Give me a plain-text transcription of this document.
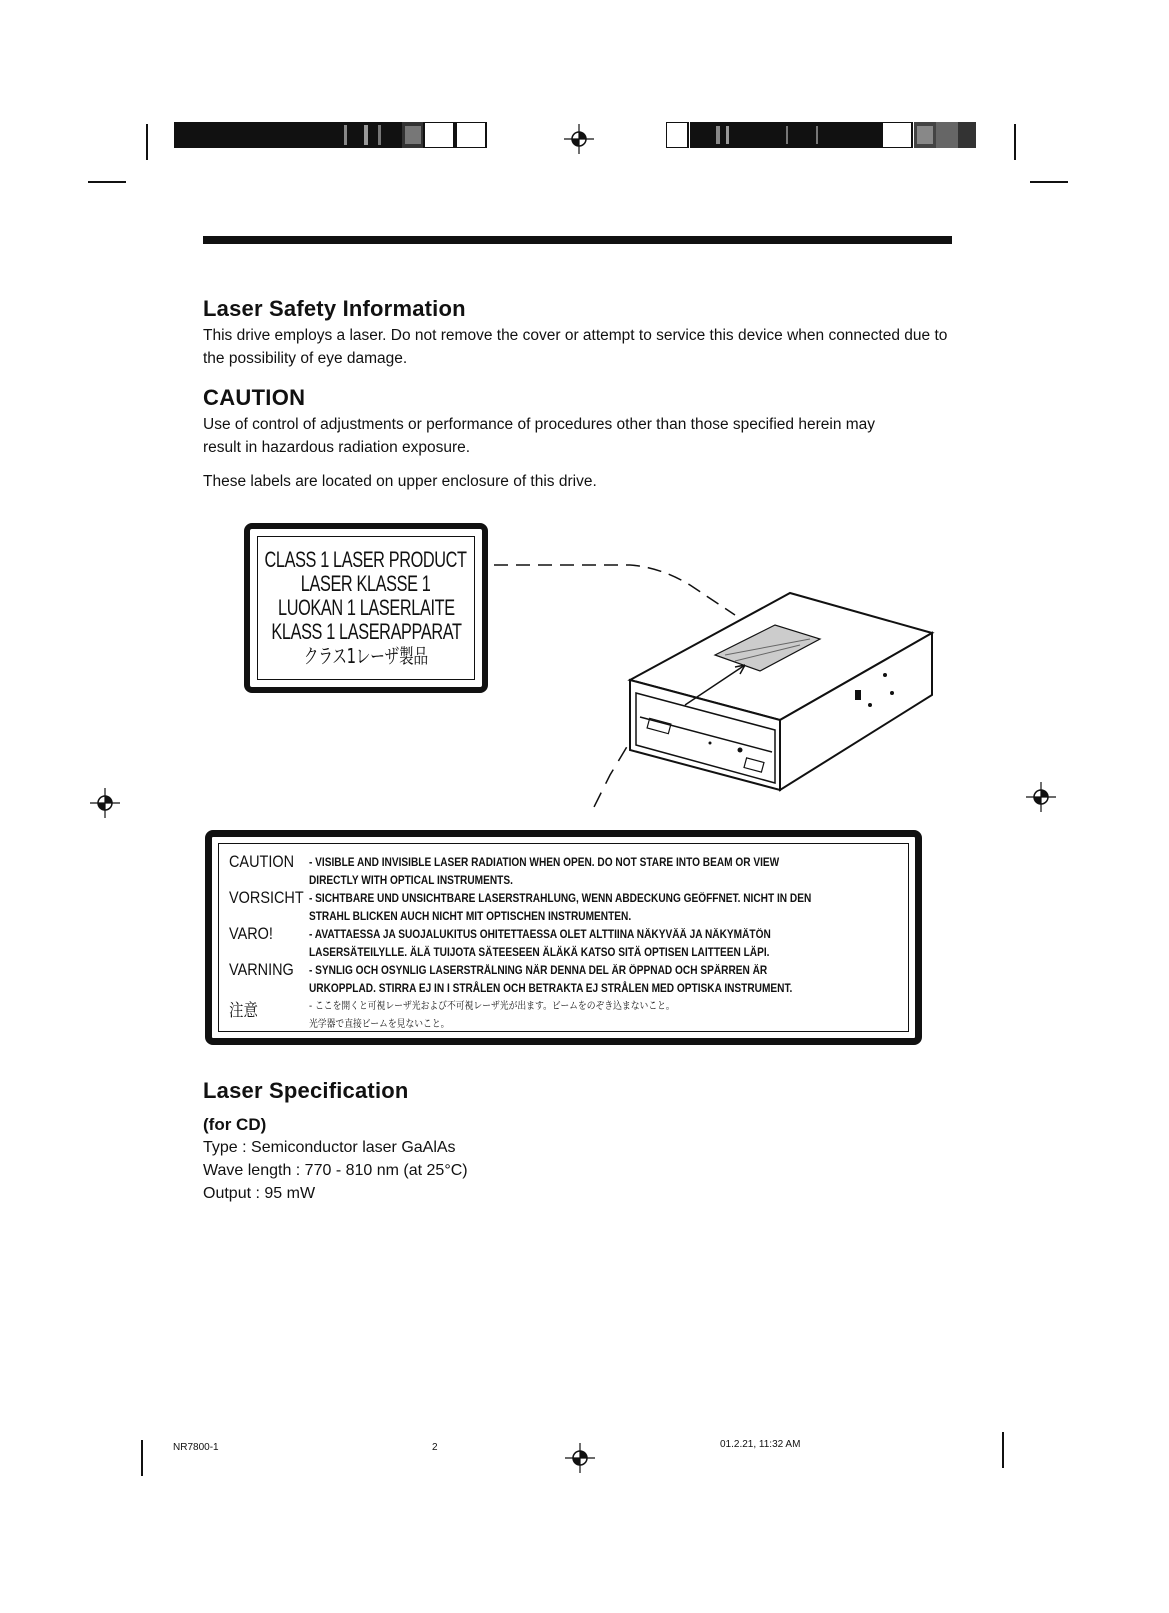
Laser Safety Information

This drive employs a laser. Do not remove the cover or attempt to service this device when connected due to the possibility of eye damage.

CAUTION

Use of control of adjustments or performance of procedures other than those specified herein may result in hazardous radiation exposure.

These labels are located on upper enclosure of this drive.

CLASS 1 LASER PRODUCT
LASER KLASSE 1
LUOKAN 1 LASERLAITE
KLASS 1 LASERAPPARAT
クラス1レーザ製品
CAUTION - VISIBLE AND INVISIBLE LASER RADIATION WHEN OPEN. DO NOT STARE INTO BEAM OR VIEW
DIRECTLY WITH OPTICAL INSTRUMENTS.
VORSICHT - SICHTBARE UND UNSICHTBARE LASERSTRAHLUNG, WENN ABDECKUNG GEÖFFNET. NICHT IN DEN
STRAHL BLICKEN AUCH NICHT MIT OPTISCHEN INSTRUMENTEN.
VARO!	- AVATTAESSA JA SUOJALUKITUS OHITETTAESSA OLET ALTTIINA NÄKYVÄÄ JA NÄKYMÄTÖN
LASERSÄTEILYLLE. ÄLÄ TUIJOTA SÄTEESEEN ÄLÄKÄ KATSO SITÄ OPTISEN LAITTEEN LÄPI.
VARNING - SYNLIG OCH OSYNLIG LASERSTRÅLNING NÄR DENNA DEL ÄR ÖPPNAD OCH SPÄRREN ÄR
URKOPPLAD. STIRRA EJ IN I STRÅLEN OCH BETRAKTA EJ STRÅLEN MED OPTISKA INSTRUMENT.
注意	- ここを開くと可視レーザ光および不可視レーザ光が出ます。ビームをのぞき込まないこと。
光学器で直接ビームを見ないこと。
Laser Specification
(for CD)

Type : Semiconductor laser GaAlAs

Wave length : 770 - 810 nm (at 25°C)

Output : 95 mW

NR7800-1	2	01.2.21, 11:32 AM
